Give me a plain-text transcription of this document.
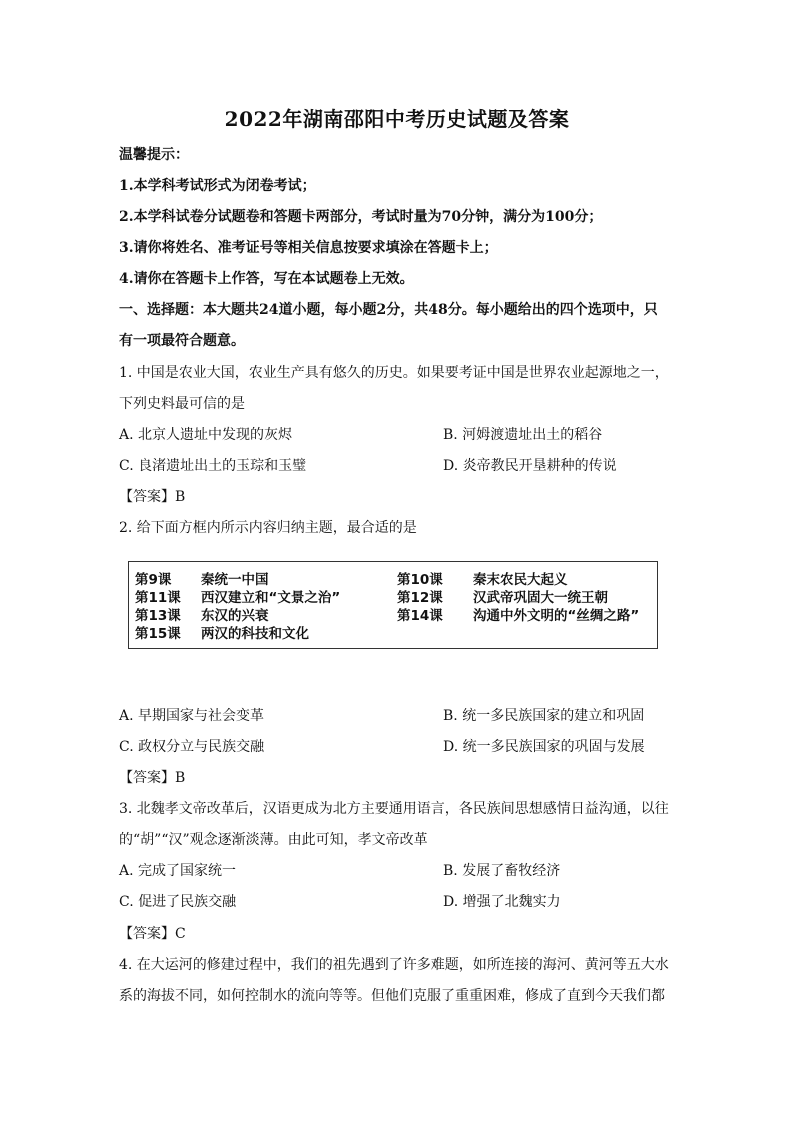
2022年湖南邵阳中考历史试题及答案
温馨提示：
1.本学科考试形式为闭卷考试；
2.本学科试卷分试题卷和答题卡两部分，考试时量为70分钟，满分为100分；
3.请你将姓名、准考证号等相关信息按要求填涂在答题卡上；
4.请你在答题卡上作答，写在本试题卷上无效。
一、选择题：本大题共24道小题，每小题2分，共48分。每小题给出的四个选项中，只
有一项最符合题意。
1. 中国是农业大国，农业生产具有悠久的历史。如果要考证中国是世界农业起源地之一，
下列史料最可信的是
A. 北京人遗址中发现的灰烬	B. 河姆渡遗址出土的稻谷
C. 良渚遗址出土的玉琮和玉璧	D. 炎帝教民开垦耕种的传说
【答案】B
2. 给下面方框内所示内容归纳主题，最合适的是
第9课 秦统一中国	第10课 秦末农民大起义
第11课 西汉建立和“文景之治”	第12课 汉武帝巩固大一统王朝
第13课 东汉的兴衰	第14课 沟通中外文明的“丝绸之路”
第15课 两汉的科技和文化
A. 早期国家与社会变革	B. 统一多民族国家的建立和巩固
C. 政权分立与民族交融	D. 统一多民族国家的巩固与发展
【答案】B
3. 北魏孝文帝改革后，汉语更成为北方主要通用语言，各民族间思想感情日益沟通，以往
的“胡”“汉”观念逐渐淡薄。由此可知，孝文帝改革
A. 完成了国家统一	B. 发展了畜牧经济
C. 促进了民族交融	D. 增强了北魏实力
【答案】C
4. 在大运河的修建过程中，我们的祖先遇到了许多难题，如所连接的海河、黄河等五大水
系的海拔不同，如何控制水的流向等等。但他们克服了重重困难，修成了直到今天我们都
